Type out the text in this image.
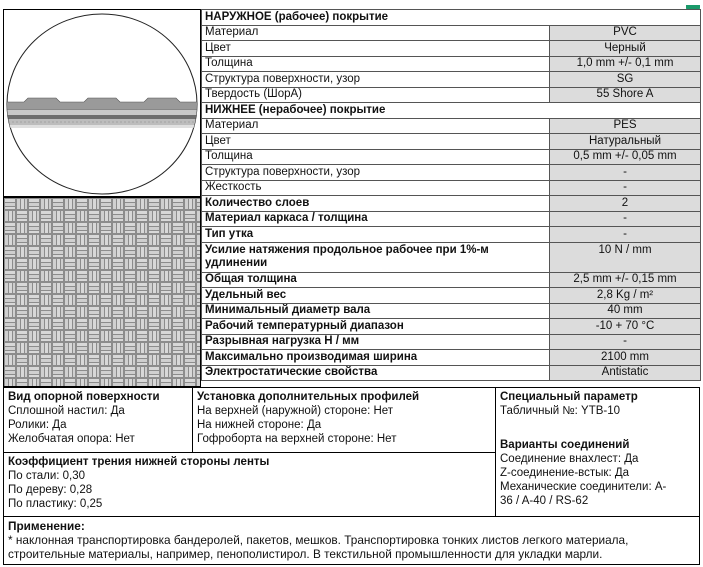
НАРУЖНОЕ (рабочее) покрытие	
Материал	PVC
Цвет	Черный
Толщина	1,0 mm +/- 0,1 mm
Структура поверхности, узор	SG
Твердость (ШорА)	55 Shore A
НИЖНЕЕ (нерабочее) покрытие	
Материал	PES
Цвет	Натуральный
Толщина	0,5 mm +/- 0,05 mm
Структура поверхности, узор	-
Жесткость	-
Количество слоев	2
Материал каркаса / толщина	-
Тип утка	-
Усилие натяжения продольное рабочее при 1%-м удлинении	10 N / mm
Общая толщина	2,5 mm +/- 0,15 mm
Удельный вес	2,8 Kg / m²
Минимальный диаметр вала	40 mm
Рабочий температурный диапазон	-10 + 70 °C
Разрывная нагрузка Н / мм	-
Максимально производимая ширина	2100 mm
Электростатические свойства	Antistatic
Вид опорной поверхности
Сплошной настил: Да
Ролики: Да
Желобчатая опора: Нет
Установка дополнительных профилей
На верхней (наружной) стороне: Нет
На нижней стороне: Да
Гофроборта на верхней стороне: Нет
Специальный параметр
Табличный №: YTB-10
Варианты соединений
Соединение внахлест: Да
Z-соединение-встык: Да
Механические соединители: А-
36 / A-40 / RS-62
Коэффициент трения нижней стороны ленты
По стали: 0,30
По дереву: 0,28
По пластику: 0,25
Применение:
* наклонная транспортировка бандеролей, пакетов, мешков. Транспортировка тонких листов легкого материала,
строительные материалы, например, пенополистирол. В текстильной промышленности для укладки марли.
